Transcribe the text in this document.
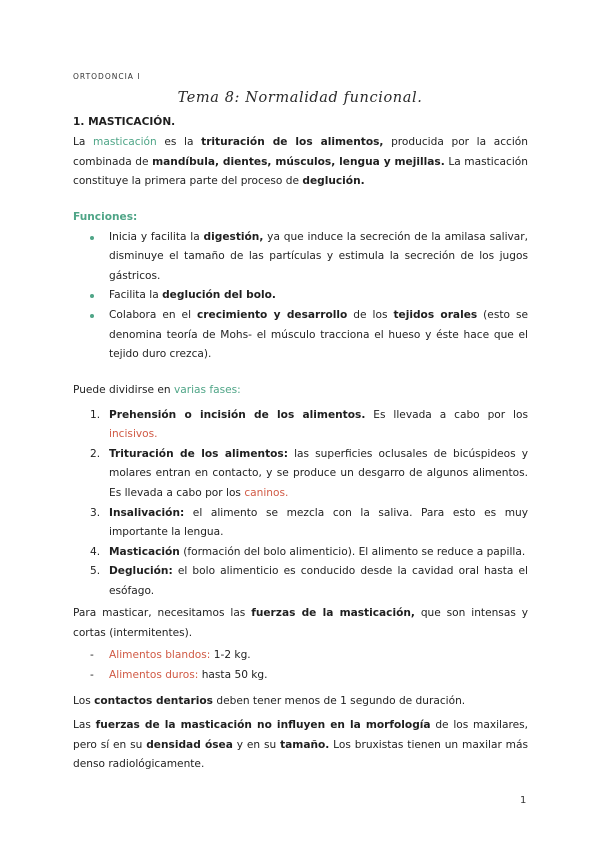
ORTODONCIA I
Tema 8: Normalidad funcional.
1. MASTICACIÓN.

La masticación es la trituración de los alimentos, producida por la acción combinada de mandíbula, dientes, músculos, lengua y mejillas. La masticación constituye la primera parte del proceso de deglución.

Funciones:

Inicia y facilita la digestión, ya que induce la secreción de la amilasa salivar, disminuye el tamaño de las partículas y estimula la secreción de los jugos gástricos.
Facilita la deglución del bolo.
Colabora en el crecimiento y desarrollo de los tejidos orales (esto se denomina teoría de Mohs- el músculo tracciona el hueso y éste hace que el tejido duro crezca).

Puede dividirse en varias fases:

1. Prehensión o incisión de los alimentos. Es llevada a cabo por los incisivos.
2. Trituración de los alimentos: las superficies oclusales de bicúspideos y molares entran en contacto, y se produce un desgarro de algunos alimentos. Es llevada a cabo por los caninos.
3. Insalivación: el alimento se mezcla con la saliva. Para esto es muy importante la lengua.
4. Masticación (formación del bolo alimenticio). El alimento se reduce a papilla.
5. Deglución: el bolo alimenticio es conducido desde la cavidad oral hasta el esófago.

Para masticar, necesitamos las fuerzas de la masticación, que son intensas y cortas (intermitentes).

- Alimentos blandos: 1-2 kg.
- Alimentos duros: hasta 50 kg.

Los contactos dentarios deben tener menos de 1 segundo de duración.

Las fuerzas de la masticación no influyen en la morfología de los maxilares, pero sí en su densidad ósea y en su tamaño. Los bruxistas tienen un maxilar más denso radiológicamente.

1
